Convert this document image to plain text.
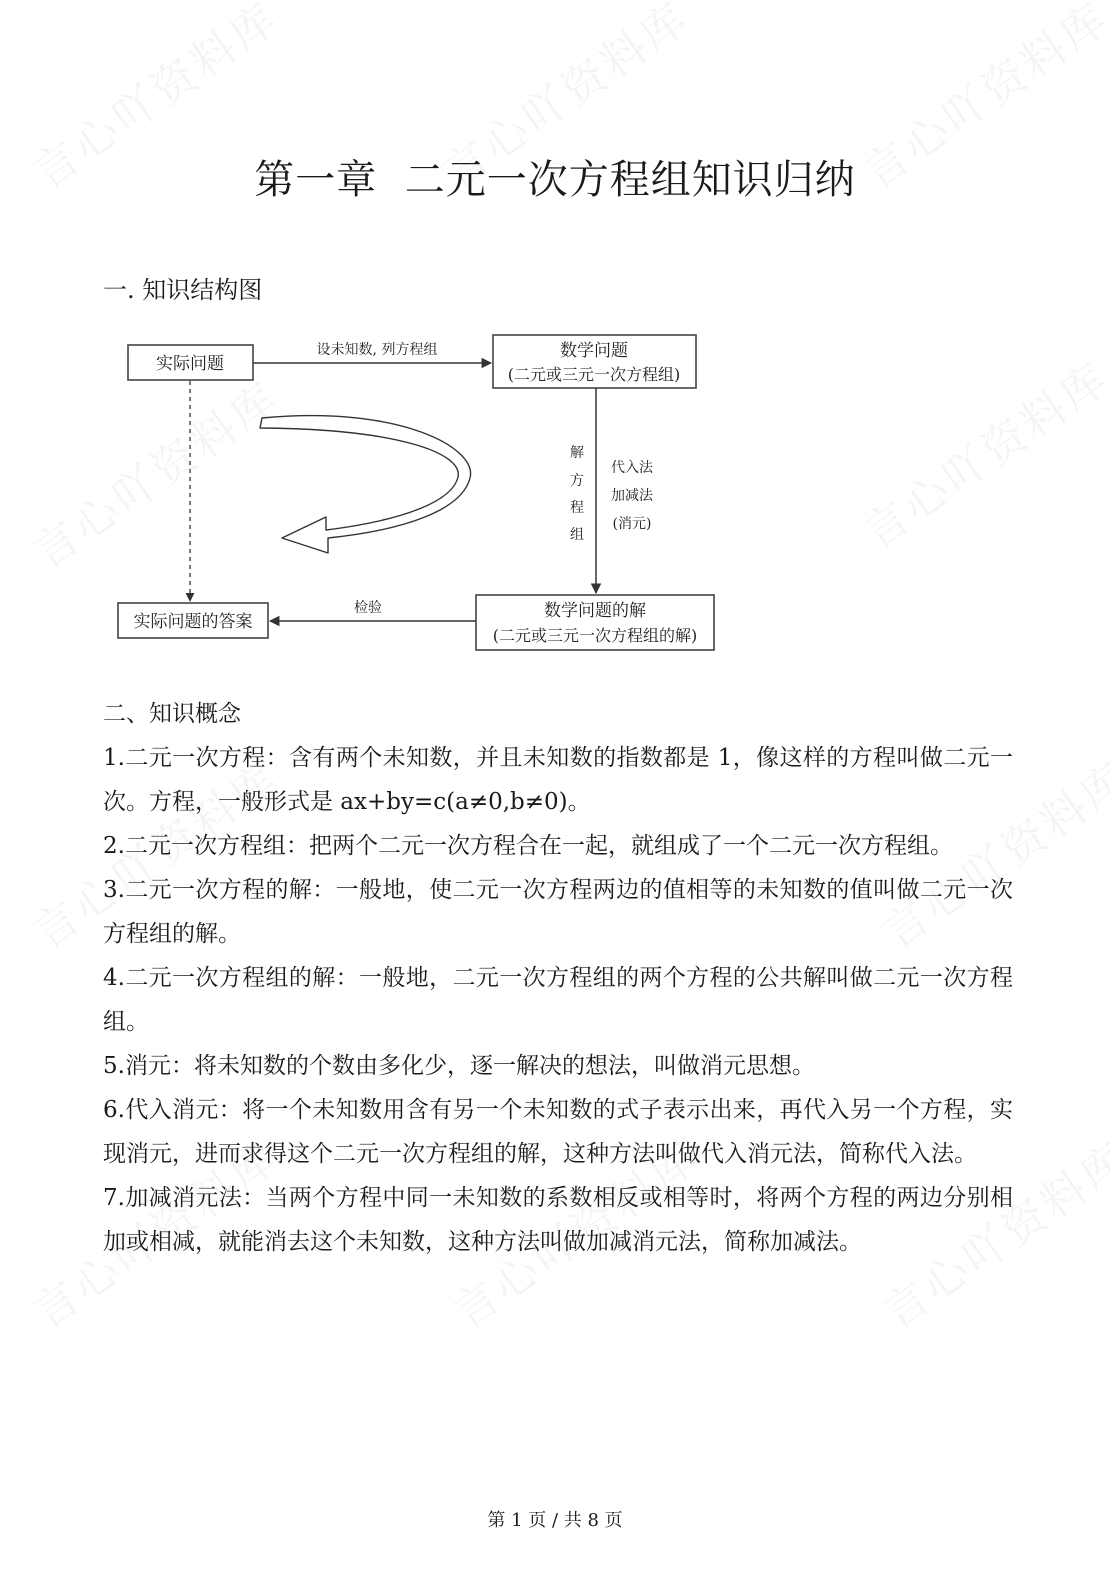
第一章  二元一次方程组知识归纳
一. 知识结构图
实际问题
数学问题
(二元或三元一次方程组)
数学问题的解
(二元或三元一次方程组的解)
实际问题的答案
设未知数, 列方程组
解
方
程
组
代入法
加减法
(消元)
检验
二、知识概念
1.二元一次方程：含有两个未知数，并且未知数的指数都是 1，像这样的方程叫做二元一次。方程，一般形式是 ax+by=c(a≠0,b≠0)。
2.二元一次方程组：把两个二元一次方程合在一起，就组成了一个二元一次方程组。
3.二元一次方程的解：一般地，使二元一次方程两边的值相等的未知数的值叫做二元一次方程组的解。
4.二元一次方程组的解：一般地，二元一次方程组的两个方程的公共解叫做二元一次方程组。
5.消元：将未知数的个数由多化少，逐一解决的想法，叫做消元思想。
6.代入消元：将一个未知数用含有另一个未知数的式子表示出来，再代入另一个方程，实现消元，进而求得这个二元一次方程组的解，这种方法叫做代入消元法，简称代入法。
7.加减消元法：当两个方程中同一未知数的系数相反或相等时，将两个方程的两边分别相加或相减，就能消去这个未知数，这种方法叫做加减消元法，简称加减法。
第 1 页 / 共 8 页
